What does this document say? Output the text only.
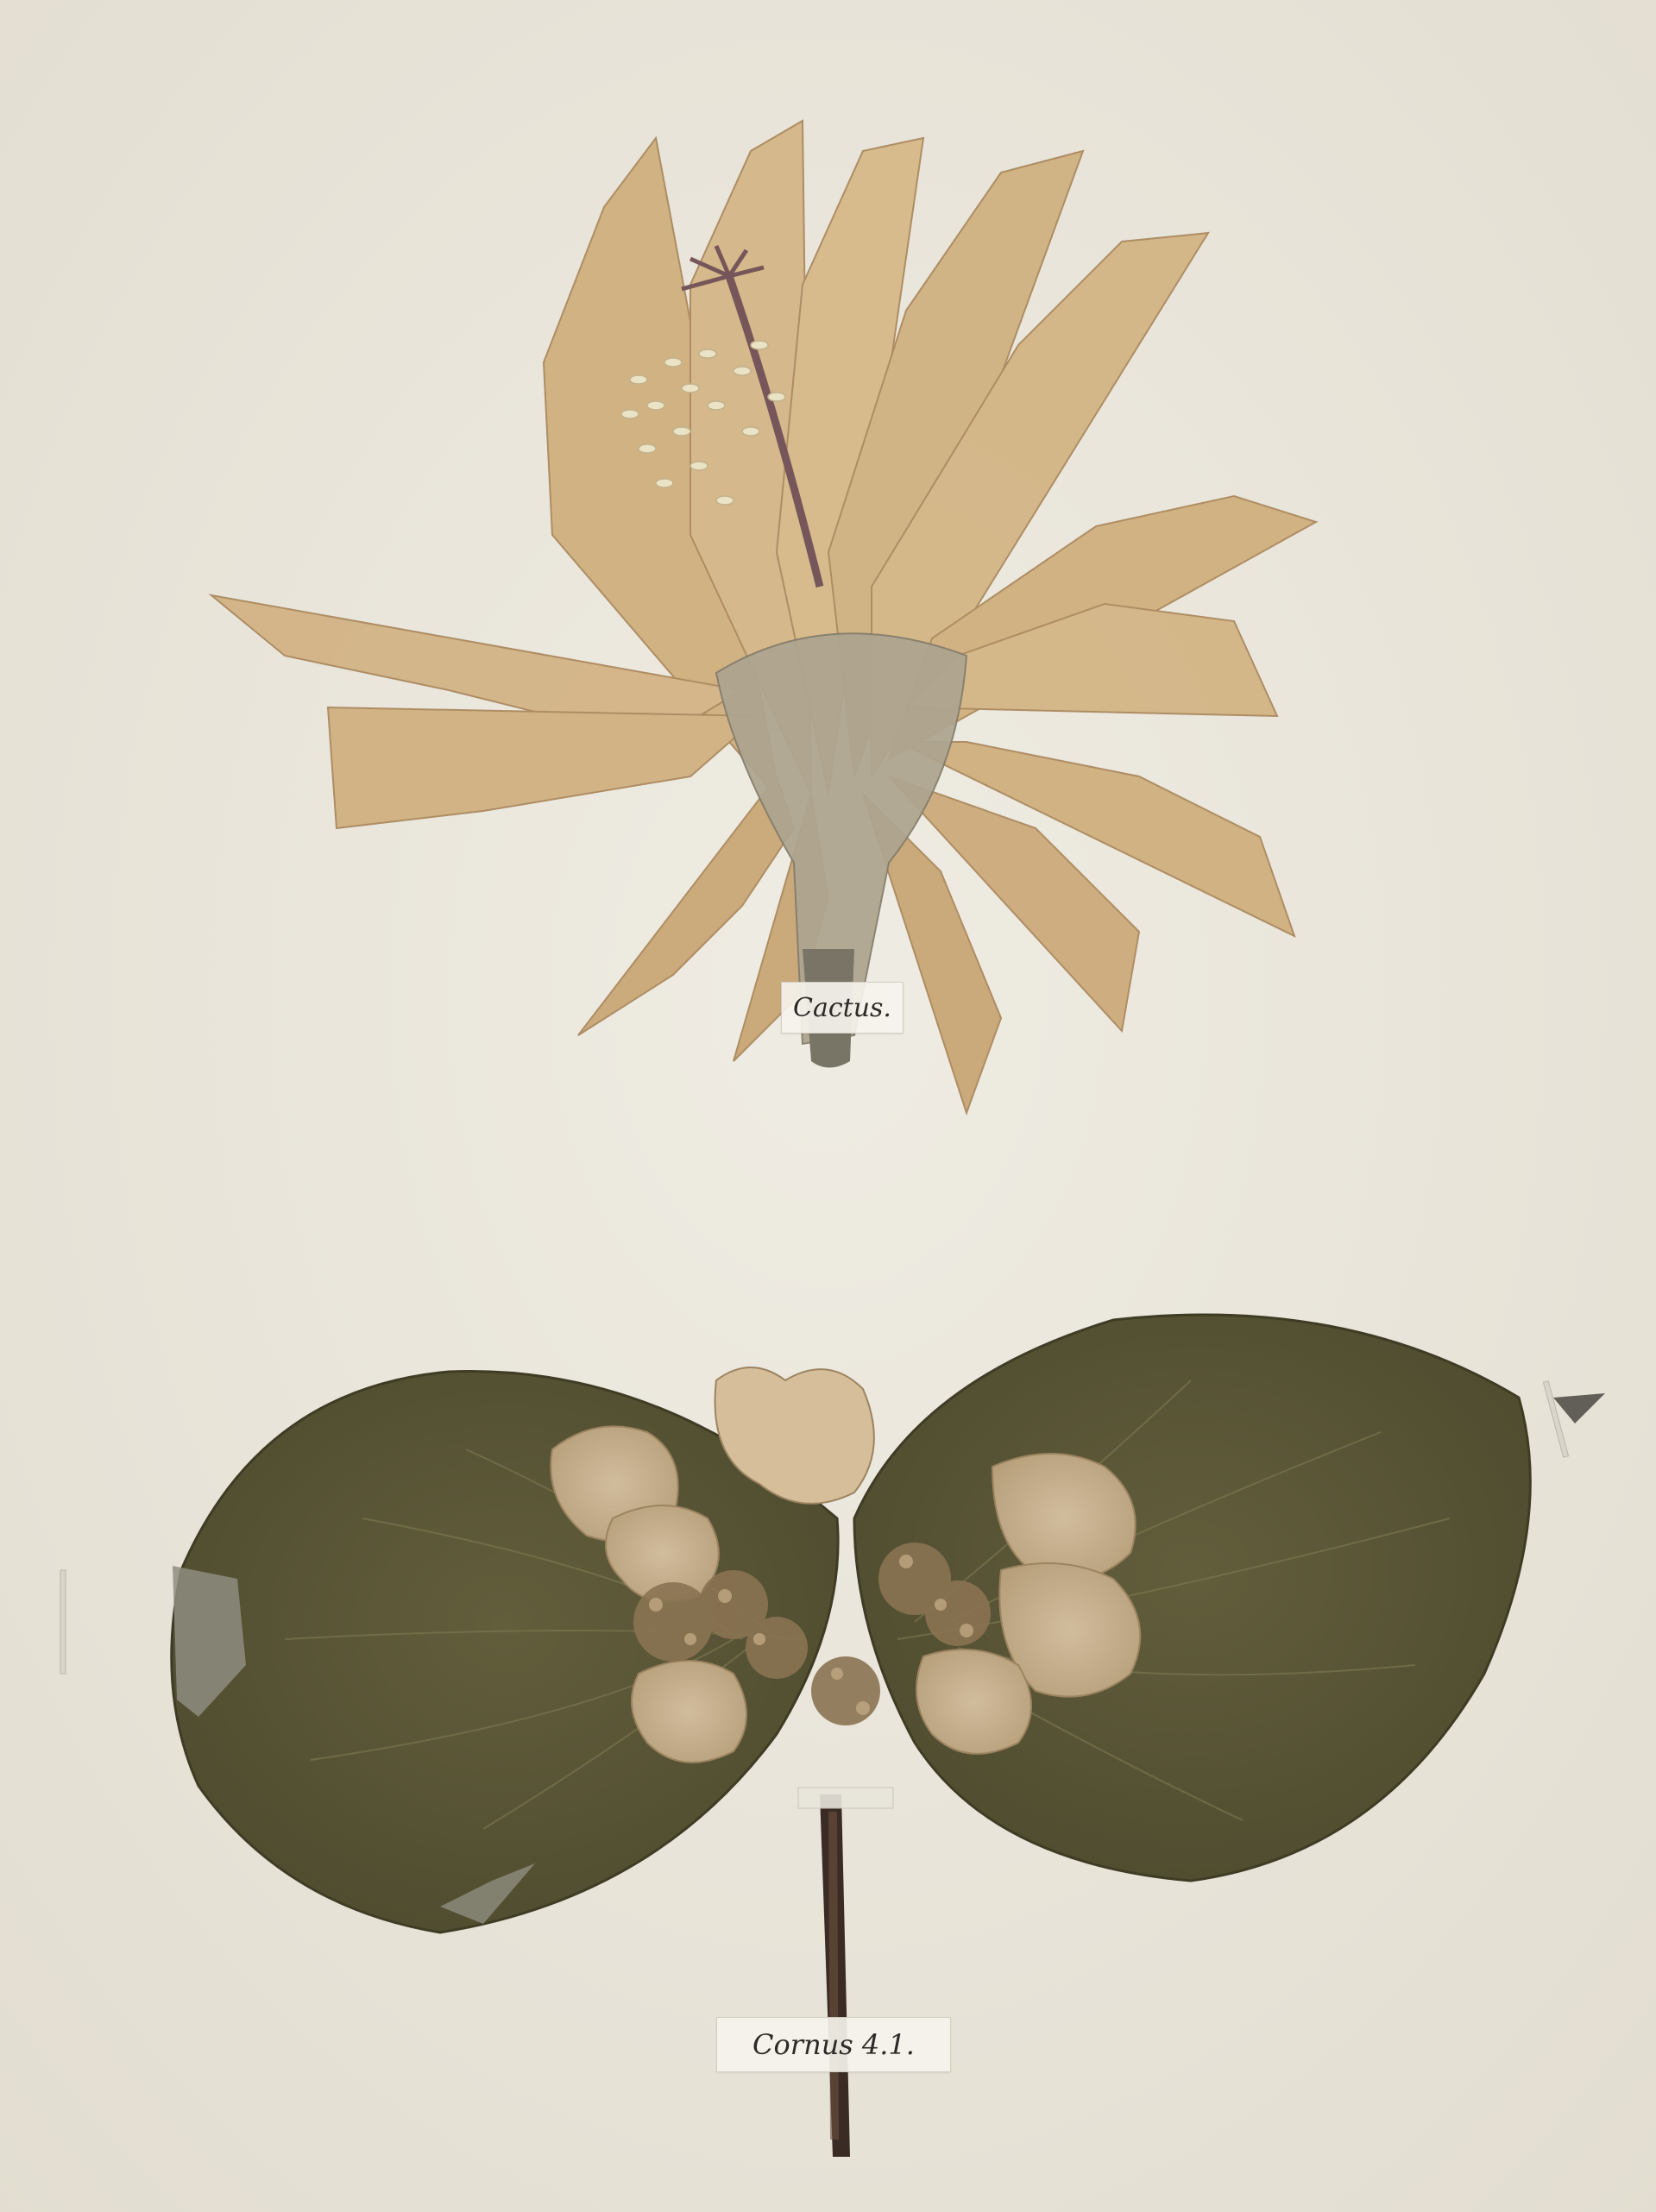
Cactus.
Cornus 4.1.
